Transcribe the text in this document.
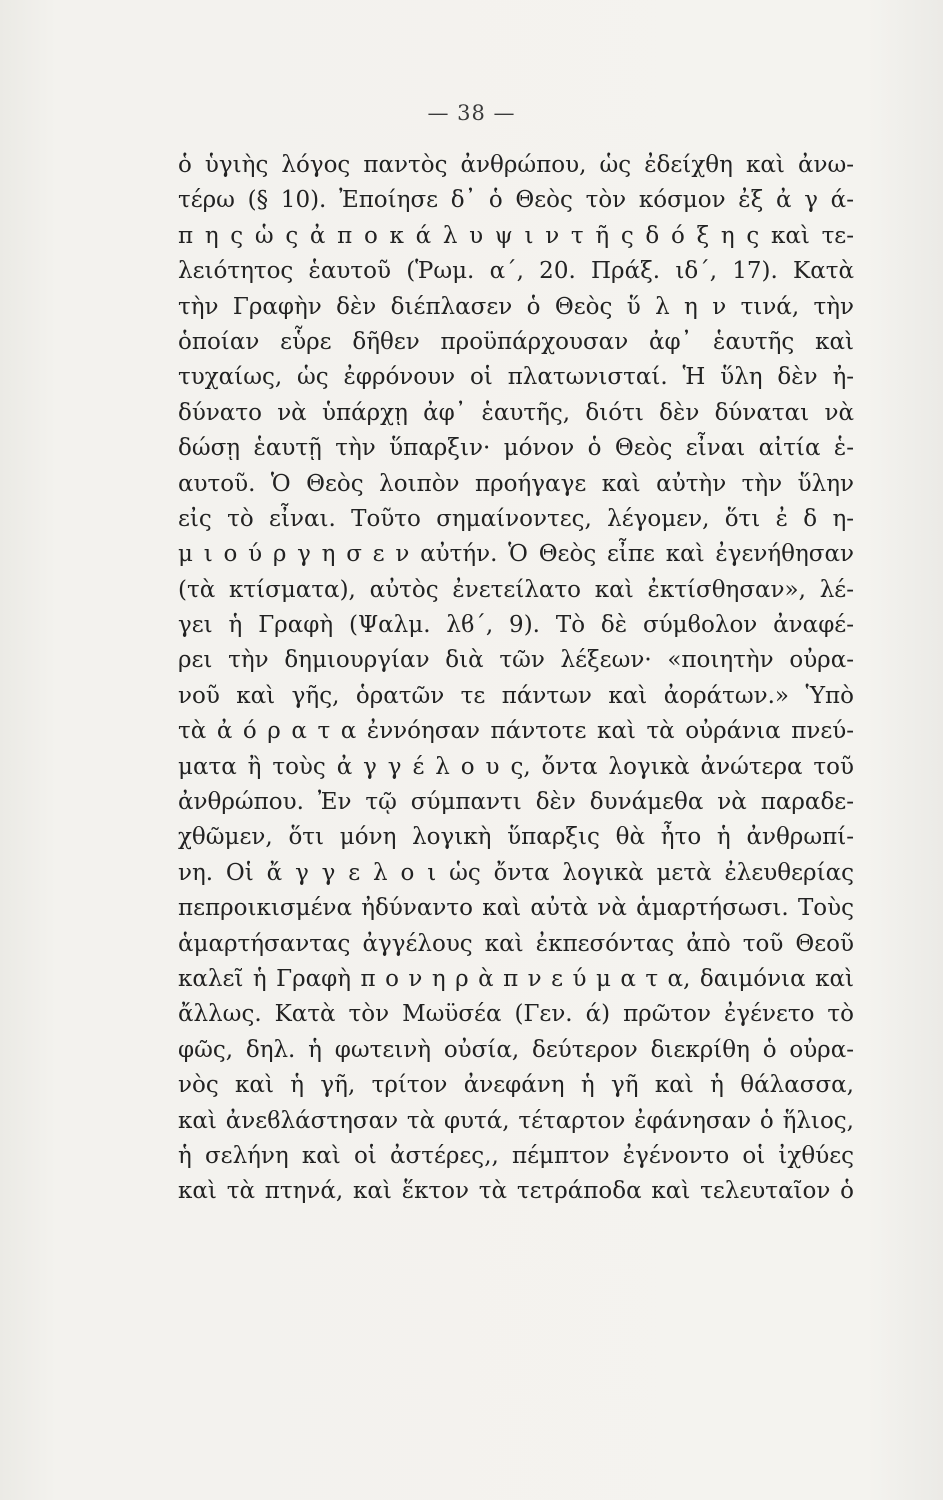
— 38 —
ὁ ὑγιὴς λόγος παντὸς ἀνθρώπου, ὡς ἐδείχθη καὶ ἀνω-
τέρω (§ 10). Ἐποίησε δ᾽ ὁ Θεὸς τὸν κόσμον ἐξ ἀ γ ά-
π η ς ὡ ς ἀ π ο κ ά λ υ ψ ι ν τ ῆ ς δ ό ξ η ς καὶ τε-
λειότητος ἑαυτοῦ (Ῥωμ. α΄, 20. Πράξ. ιδ΄, 17). Κατὰ
τὴν Γραφὴν δὲν διέπλασεν ὁ Θεὸς ὕ λ η ν τινά, τὴν
ὁποίαν εὗρε δῆθεν προϋπάρχουσαν ἀφ᾽ ἑαυτῆς καὶ
τυχαίως, ὡς ἐφρόνουν οἱ πλατωνισταί. Ἡ ὕλη δὲν ἠ-
δύνατο νὰ ὑπάρχῃ ἀφ᾽ ἑαυτῆς, διότι δὲν δύναται νὰ
δώσῃ ἑαυτῇ τὴν ὕπαρξιν· μόνον ὁ Θεὸς εἶναι αἰτία ἑ-
αυτοῦ. Ὁ Θεὸς λοιπὸν προήγαγε καὶ αὐτὴν τὴν ὕλην
εἰς τὸ εἶναι. Τοῦτο σημαίνοντες, λέγομεν, ὅτι ἐ δ η-
μ ι ο ύ ρ γ η σ ε ν αὐτήν. Ὁ Θεὸς εἶπε καὶ ἐγενήθησαν
(τὰ κτίσματα), αὐτὸς ἐνετείλατο καὶ ἐκτίσθησαν», λέ-
γει ἡ Γραφὴ (Ψαλμ. λϐ΄, 9). Τὸ δὲ σύμϐολον ἀναφέ-
ρει τὴν δημιουργίαν διὰ τῶν λέξεων· «ποιητὴν οὐρα-
νοῦ καὶ γῆς, ὁρατῶν τε πάντων καὶ ἀοράτων.» Ὑπὸ
τὰ ἀ ό ρ α τ α ἐννόησαν πάντοτε καὶ τὰ οὐράνια πνεύ-
ματα ἢ τοὺς ἀ γ γ έ λ ο υ ς, ὄντα λογικὰ ἀνώτερα τοῦ
ἀνθρώπου. Ἐν τῷ σύμπαντι δὲν δυνάμεθα νὰ παραδε-
χθῶμεν, ὅτι μόνη λογικὴ ὕπαρξις θὰ ἦτο ἡ ἀνθρωπί-
νη. Οἱ ἄ γ γ ε λ ο ι ὡς ὄντα λογικὰ μετὰ ἐλευθερίας
πεπροικισμένα ἠδύναντο καὶ αὐτὰ νὰ ἁμαρτήσωσι. Τοὺς
ἁμαρτήσαντας ἀγγέλους καὶ ἐκπεσόντας ἀπὸ τοῦ Θεοῦ
καλεῖ ἡ Γραφὴ π ο ν η ρ ὰ π ν ε ύ μ α τ α, δαιμόνια καὶ
ἄλλως. Κατὰ τὸν Μωϋσέα (Γεν. ά) πρῶτον ἐγένετο τὸ
φῶς, δηλ. ἡ φωτεινὴ οὐσία, δεύτερον διεκρίθη ὁ οὐρα-
νὸς καὶ ἡ γῆ, τρίτον ἀνεφάνη ἡ γῆ καὶ ἡ θάλασσα,
καὶ ἀνεϐλάστησαν τὰ φυτά, τέταρτον ἐφάνησαν ὁ ἥλιος,
ἡ σελήνη καὶ οἱ ἀστέρες,, πέμπτον ἐγένοντο οἱ ἰχθύες
καὶ τὰ πτηνά, καὶ ἕκτον τὰ τετράποδα καὶ τελευταῖον ὁ
